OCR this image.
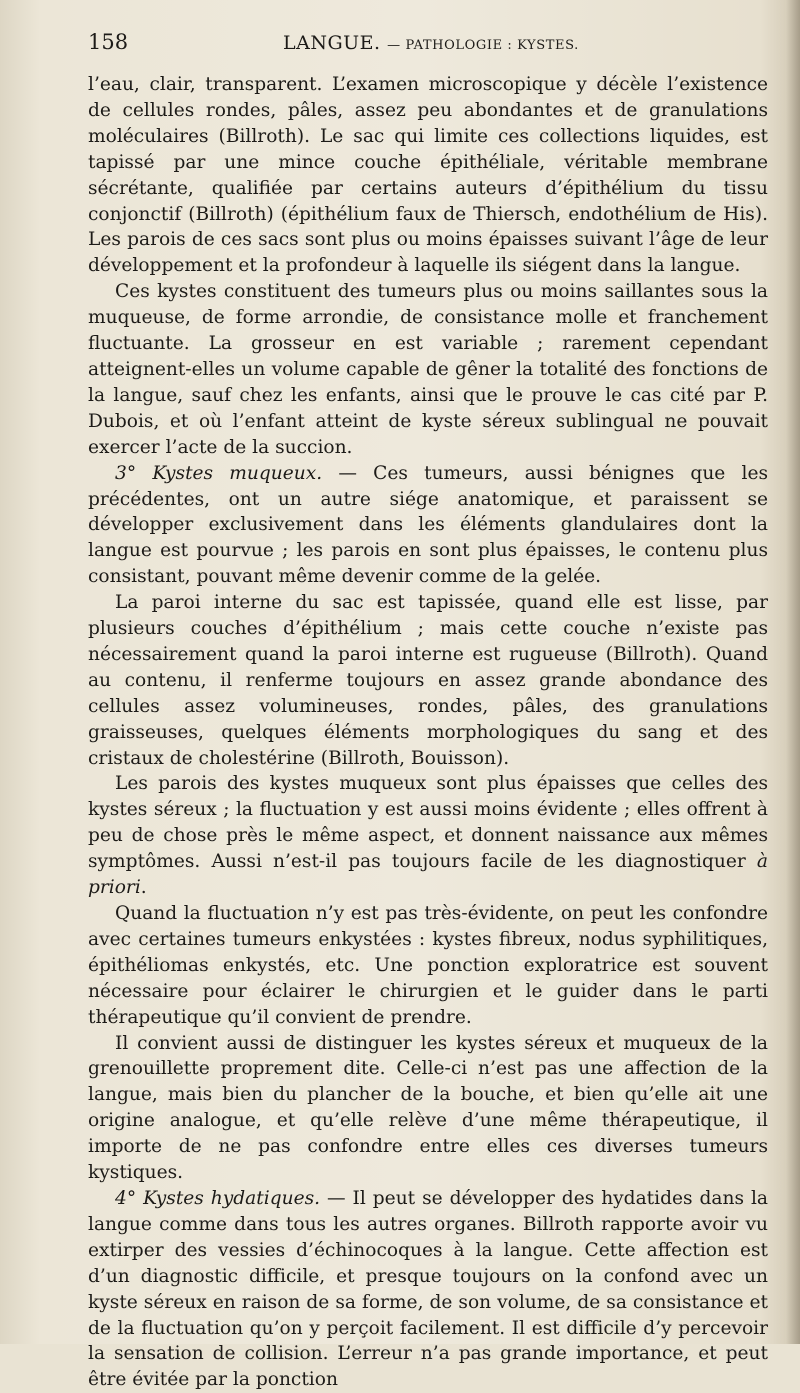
158	LANGUE. — PATHOLOGIE : KYSTES.

l’eau, clair, transparent. L’examen microscopique y décèle l’existence de cellules rondes, pâles, assez peu abondantes et de granulations moléculaires (Billroth). Le sac qui limite ces collections liquides, est tapissé par une mince couche épithéliale, véritable membrane sécrétante, qualifiée par certains auteurs d’épithélium du tissu conjonctif (Billroth) (épithélium faux de Thiersch, endothélium de His). Les parois de ces sacs sont plus ou moins épaisses suivant l’âge de leur développement et la profondeur à laquelle ils siégent dans la langue.

Ces kystes constituent des tumeurs plus ou moins saillantes sous la muqueuse, de forme arrondie, de consistance molle et franchement fluctuante. La grosseur en est variable ; rarement cependant atteignent-elles un volume capable de gêner la totalité des fonctions de la langue, sauf chez les enfants, ainsi que le prouve le cas cité par P. Dubois, et où l’enfant atteint de kyste séreux sublingual ne pouvait exercer l’acte de la succion.

3° Kystes muqueux. — Ces tumeurs, aussi bénignes que les précédentes, ont un autre siége anatomique, et paraissent se développer exclusivement dans les éléments glandulaires dont la langue est pourvue ; les parois en sont plus épaisses, le contenu plus consistant, pouvant même devenir comme de la gelée.

La paroi interne du sac est tapissée, quand elle est lisse, par plusieurs couches d’épithélium ; mais cette couche n’existe pas nécessairement quand la paroi interne est rugueuse (Billroth). Quand au contenu, il renferme toujours en assez grande abondance des cellules assez volumineuses, rondes, pâles, des granulations graisseuses, quelques éléments morphologiques du sang et des cristaux de cholestérine (Billroth, Bouisson).

Les parois des kystes muqueux sont plus épaisses que celles des kystes séreux ; la fluctuation y est aussi moins évidente ; elles offrent à peu de chose près le même aspect, et donnent naissance aux mêmes symptômes. Aussi n’est-il pas toujours facile de les diagnostiquer à priori.

Quand la fluctuation n’y est pas très-évidente, on peut les confondre avec certaines tumeurs enkystées : kystes fibreux, nodus syphilitiques, épithéliomas enkystés, etc. Une ponction exploratrice est souvent nécessaire pour éclairer le chirurgien et le guider dans le parti thérapeutique qu’il convient de prendre.

Il convient aussi de distinguer les kystes séreux et muqueux de la grenouillette proprement dite. Celle-ci n’est pas une affection de la langue, mais bien du plancher de la bouche, et bien qu’elle ait une origine analogue, et qu’elle relève d’une même thérapeutique, il importe de ne pas confondre entre elles ces diverses tumeurs kystiques.

4° Kystes hydatiques. — Il peut se développer des hydatides dans la langue comme dans tous les autres organes. Billroth rapporte avoir vu extirper des vessies d’échinocoques à la langue. Cette affection est d’un diagnostic difficile, et presque toujours on la confond avec un kyste séreux en raison de sa forme, de son volume, de sa consistance et de la fluctuation qu’on y perçoit facilement. Il est difficile d’y percevoir la sensation de collision. L’erreur n’a pas grande importance, et peut être évitée par la ponction
